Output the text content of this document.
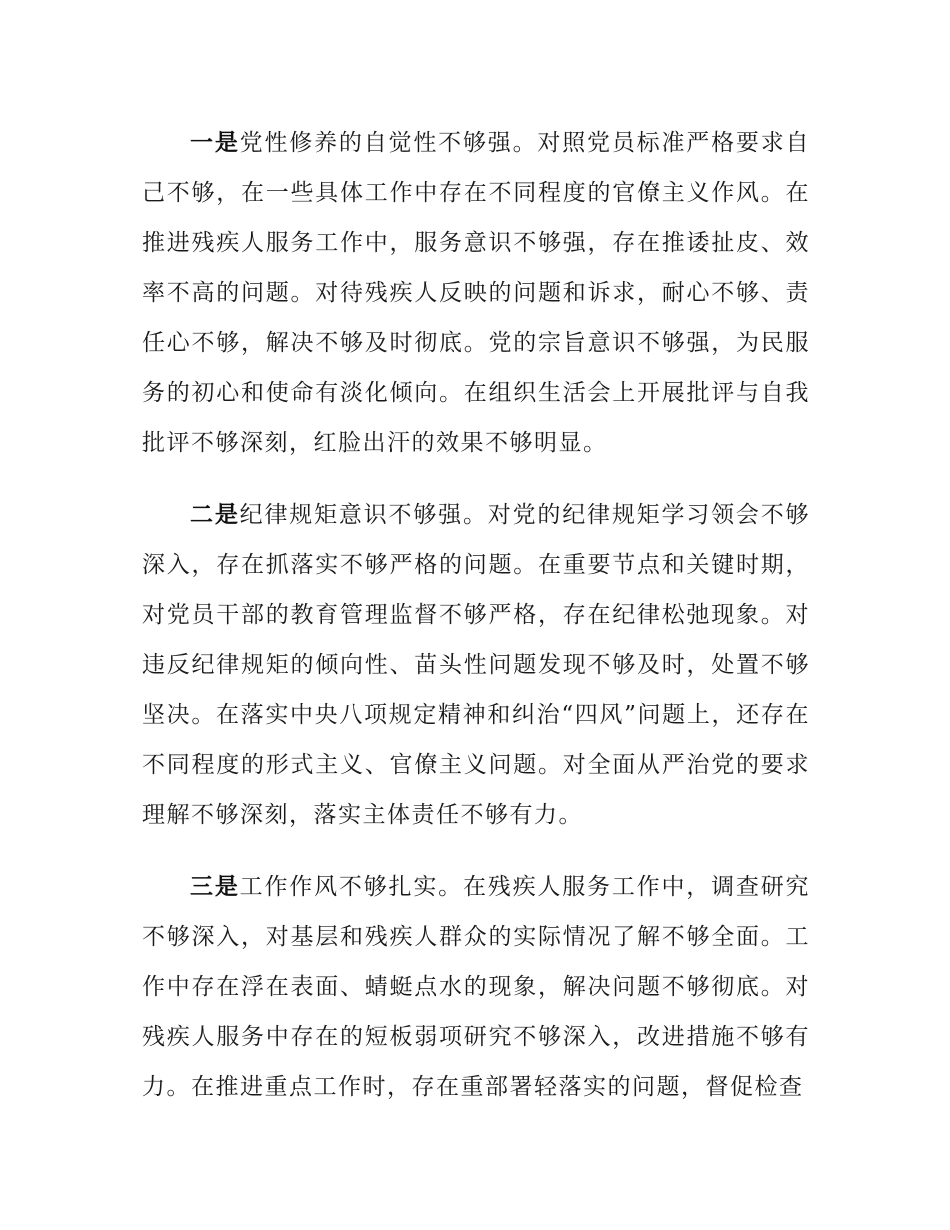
一是党性修养的自觉性不够强。对照党员标准严格要求自己不够，在一些具体工作中存在不同程度的官僚主义作风。在推进残疾人服务工作中，服务意识不够强，存在推诿扯皮、效率不高的问题。对待残疾人反映的问题和诉求，耐心不够、责任心不够，解决不够及时彻底。党的宗旨意识不够强，为民服务的初心和使命有淡化倾向。在组织生活会上开展批评与自我批评不够深刻，红脸出汗的效果不够明显。

二是纪律规矩意识不够强。对党的纪律规矩学习领会不够深入，存在抓落实不够严格的问题。在重要节点和关键时期，对党员干部的教育管理监督不够严格，存在纪律松弛现象。对违反纪律规矩的倾向性、苗头性问题发现不够及时，处置不够坚决。在落实中央八项规定精神和纠治“四风”问题上，还存在不同程度的形式主义、官僚主义问题。对全面从严治党的要求理解不够深刻，落实主体责任不够有力。

三是工作作风不够扎实。在残疾人服务工作中，调查研究不够深入，对基层和残疾人群众的实际情况了解不够全面。工作中存在浮在表面、蜻蜓点水的现象，解决问题不够彻底。对残疾人服务中存在的短板弱项研究不够深入，改进措施不够有力。在推进重点工作时，存在重部署轻落实的问题，督促检查
